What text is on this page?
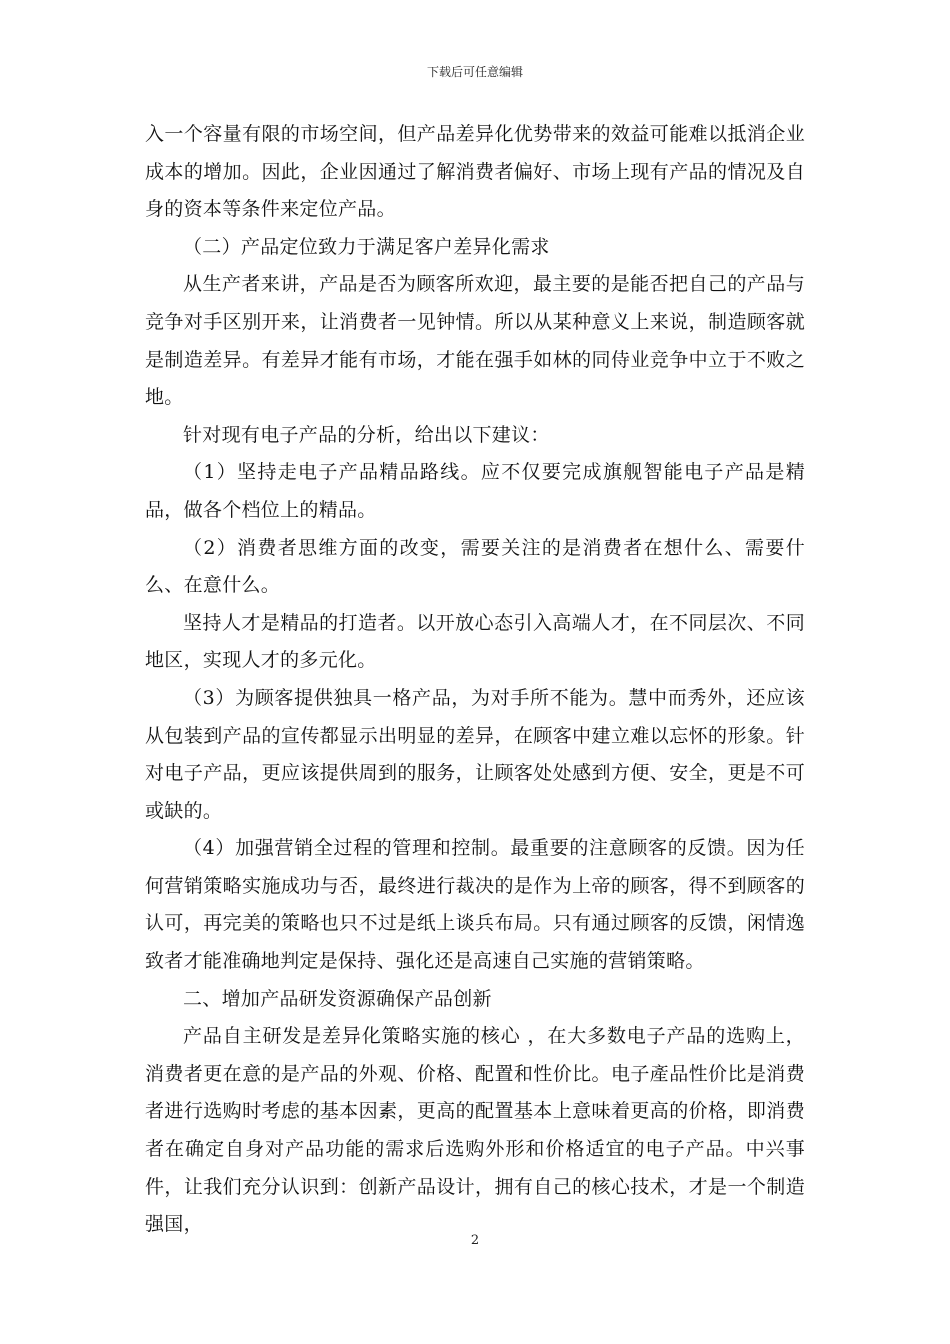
下载后可任意编辑

入一个容量有限的市场空间，但产品差异化优势带来的效益可能难以抵消企业成本的增加。因此，企业因通过了解消费者偏好、市场上现有产品的情况及自身的资本等条件来定位产品。

（二）产品定位致力于满足客户差异化需求

从生产者来讲，产品是否为顾客所欢迎，最主要的是能否把自己的产品与竞争对手区别开来，让消费者一见钟情。所以从某种意义上来说，制造顾客就是制造差异。有差异才能有市场，才能在强手如林的同侍业竞争中立于不败之地。

针对现有电子产品的分析，给出以下建议：

（1）坚持走电子产品精品路线。应不仅要完成旗舰智能电子产品是精品，做各个档位上的精品。

（2）消费者思维方面的改变，需要关注的是消费者在想什么、需要什么、在意什么。

坚持人才是精品的打造者。以开放心态引入高端人才，在不同层次、不同地区，实现人才的多元化。

（3）为顾客提供独具一格产品，为对手所不能为。慧中而秀外，还应该从包装到产品的宣传都显示出明显的差异，在顾客中建立难以忘怀的形象。针对电子产品，更应该提供周到的服务，让顾客处处感到方便、安全，更是不可或缺的。

（4）加强营销全过程的管理和控制。最重要的注意顾客的反馈。因为任何营销策略实施成功与否，最终进行裁决的是作为上帝的顾客，得不到顾客的认可，再完美的策略也只不过是纸上谈兵布局。只有通过顾客的反馈，闲情逸致者才能准确地判定是保持、强化还是高速自己实施的营销策略。

二、增加产品研发资源确保产品创新

产品自主研发是差异化策略实施的核心 ，在大多数电子产品的选购上，消费者更在意的是产品的外观、价格、配置和性价比。电子產品性价比是消费者进行选购时考虑的基本因素，更高的配置基本上意味着更高的价格，即消费者在确定自身对产品功能的需求后选购外形和价格适宜的电子产品。中兴事件，让我们充分认识到：创新产品设计，拥有自己的核心技术，才是一个制造强国，

2
